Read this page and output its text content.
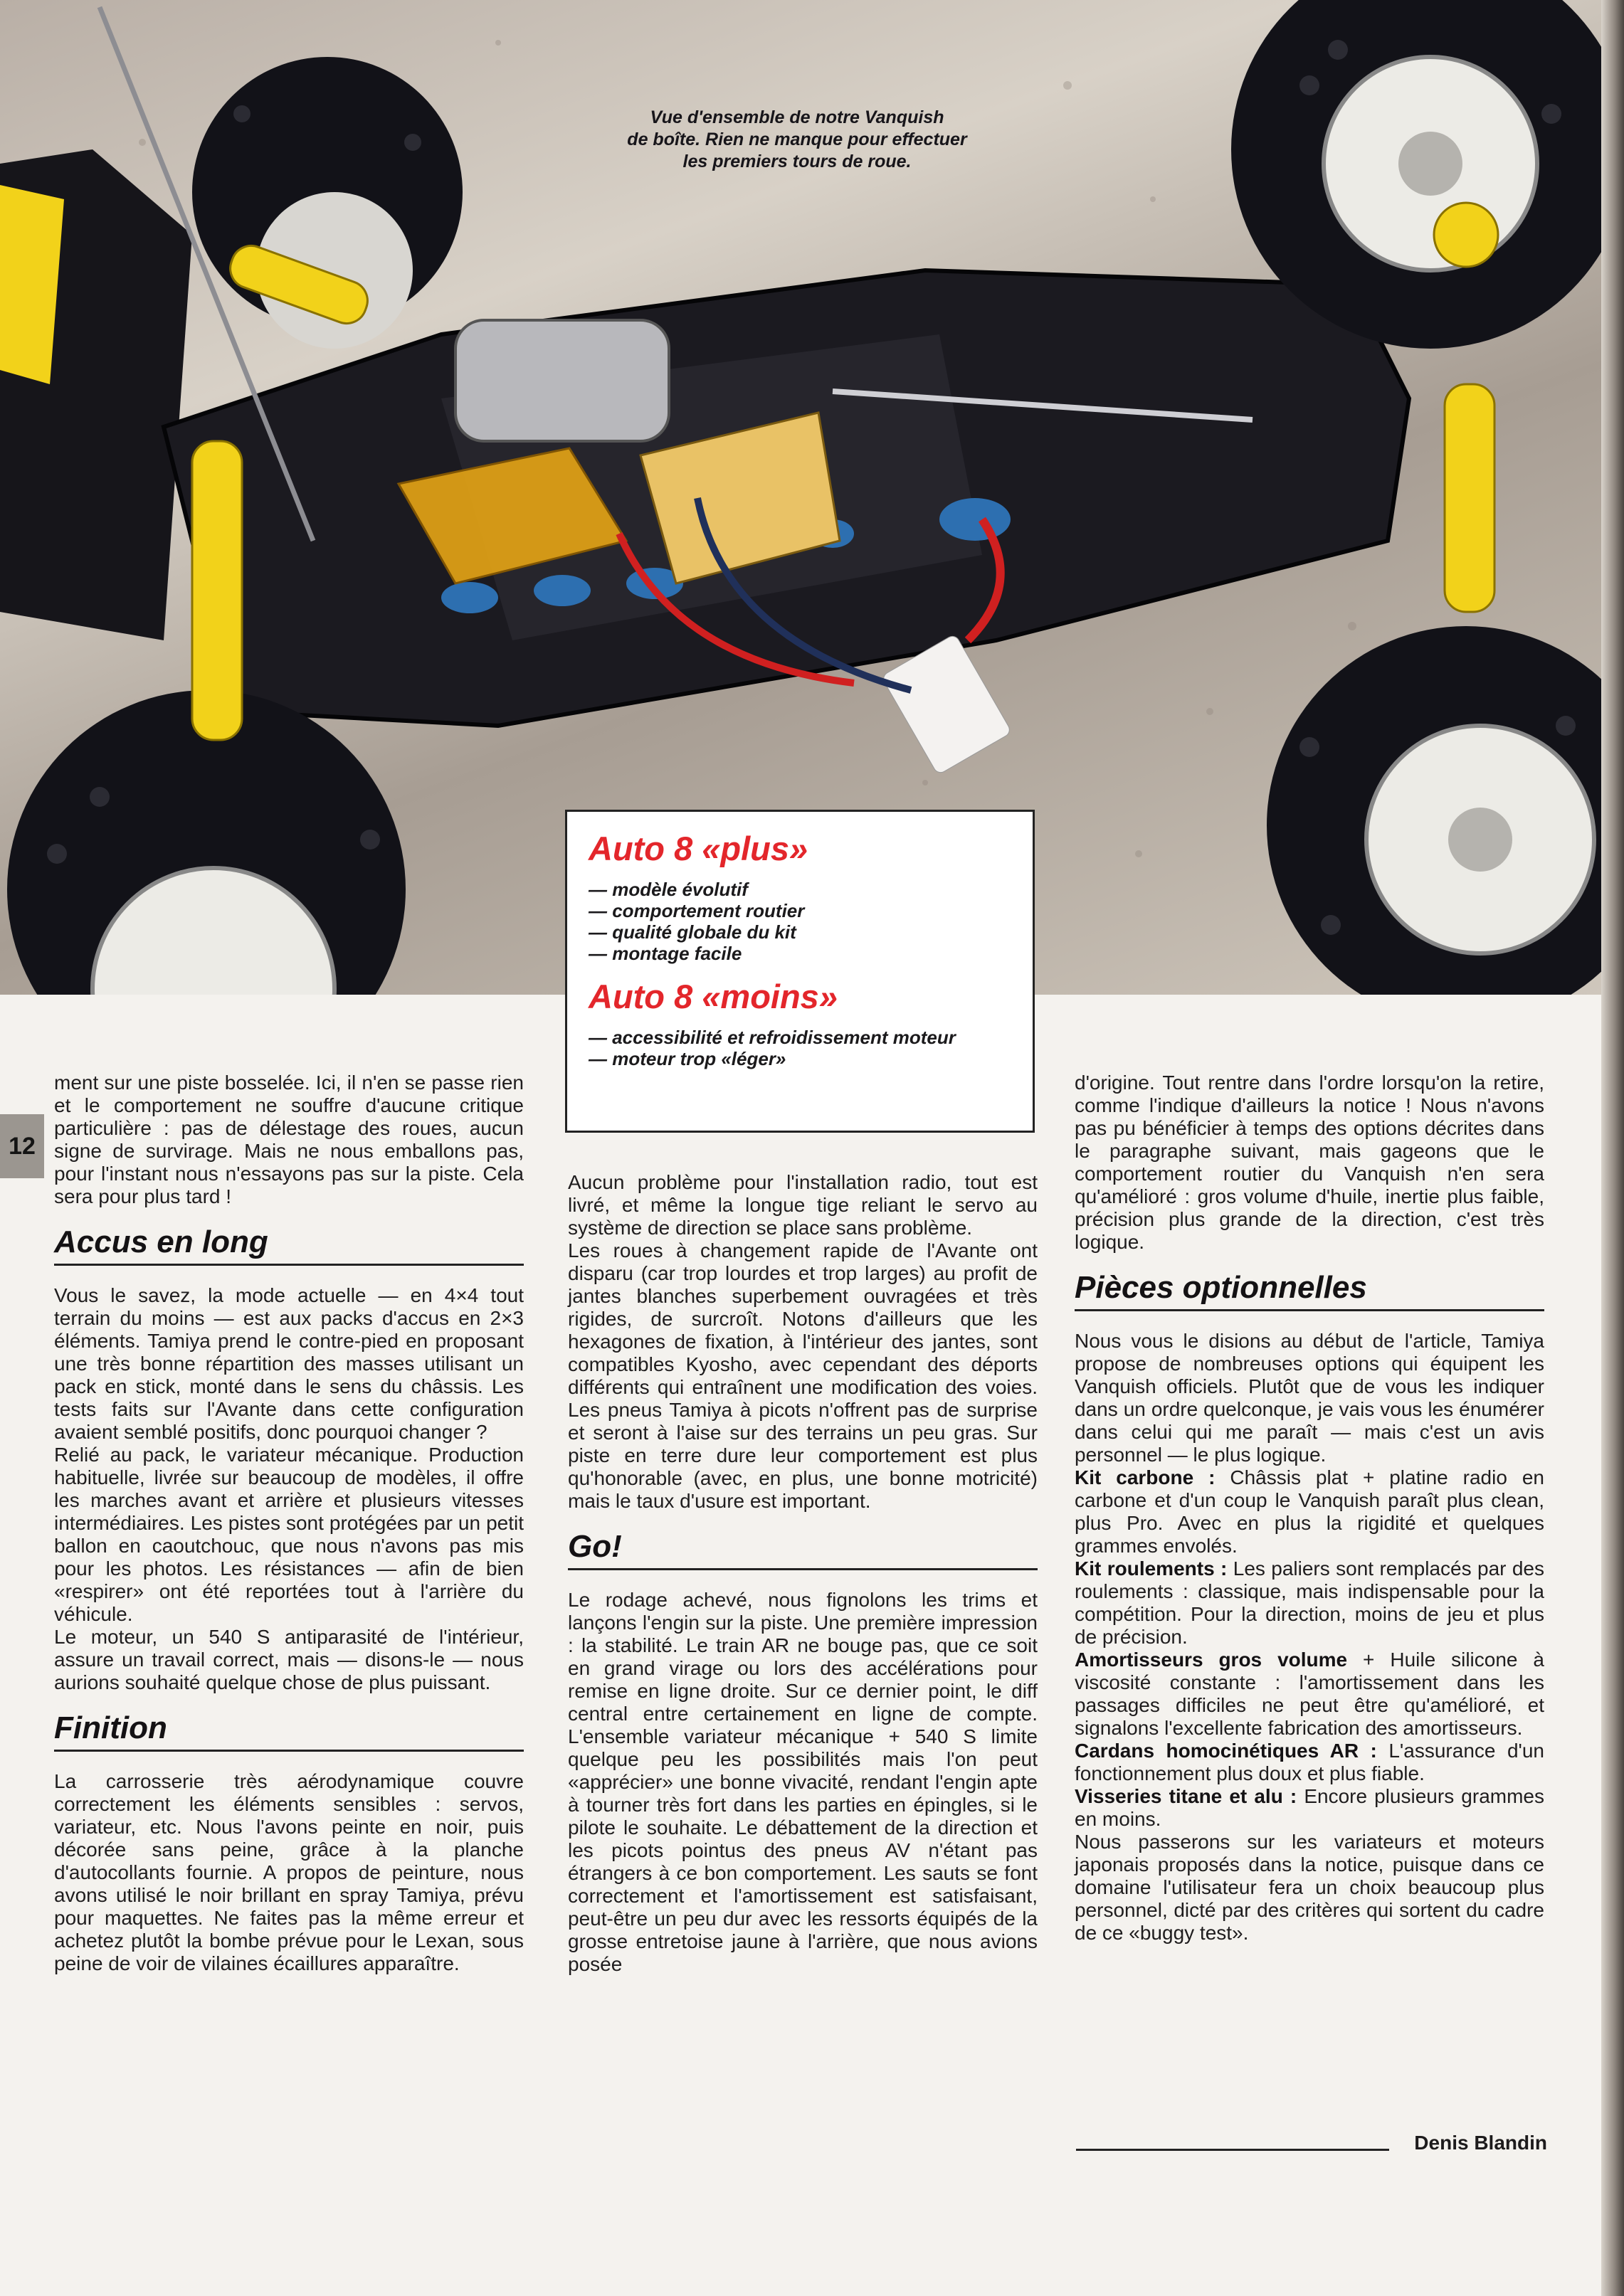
Vue d'ensemble de notre Vanquish
de boîte. Rien ne manque pour effectuer
les premiers tours de roue.
Auto 8 «plus»
— modèle évolutif
— comportement routier
— qualité globale du kit
— montage facile
Auto 8 «moins»
— accessibilité et refroidissement moteur
— moteur trop «léger»
12

ment sur une piste bosselée. Ici, il n'en se passe rien et le comportement ne souffre d'aucune critique particulière : pas de délestage des roues, aucun signe de survirage. Mais ne nous emballons pas, pour l'instant nous n'essayons pas sur la piste. Cela sera pour plus tard !

Accus en long

Vous le savez, la mode actuelle — en 4×4 tout terrain du moins — est aux packs d'accus en 2×3 éléments. Tamiya prend le contre-pied en proposant une très bonne répartition des masses utilisant un pack en stick, monté dans le sens du châssis. Les tests faits sur l'Avante dans cette configuration avaient semblé positifs, donc pourquoi changer ?

Relié au pack, le variateur mécanique. Production habituelle, livrée sur beaucoup de modèles, il offre les marches avant et arrière et plusieurs vitesses intermédiaires. Les pistes sont protégées par un petit ballon en caoutchouc, que nous n'avons pas mis pour les photos. Les résistances — afin de bien «respirer» ont été reportées tout à l'arrière du véhicule.

Le moteur, un 540 S antiparasité de l'intérieur, assure un travail correct, mais — disons-le — nous aurions souhaité quelque chose de plus puissant.

Finition

La carrosserie très aérodynamique couvre correctement les éléments sensibles : servos, variateur, etc. Nous l'avons peinte en noir, puis décorée sans peine, grâce à la planche d'autocollants fournie. A propos de peinture, nous avons utilisé le noir brillant en spray Tamiya, prévu pour maquettes. Ne faites pas la même erreur et achetez plutôt la bombe prévue pour le Lexan, sous peine de voir de vilaines écaillures apparaître.

Aucun problème pour l'installation radio, tout est livré, et même la longue tige reliant le servo au système de direction se place sans problème.

Les roues à changement rapide de l'Avante ont disparu (car trop lourdes et trop larges) au profit de jantes blanches superbement ouvragées et très rigides, de surcroît. Notons d'ailleurs que les hexagones de fixation, à l'intérieur des jantes, sont compatibles Kyosho, avec cependant des déports différents qui entraînent une modification des voies. Les pneus Tamiya à picots n'offrent pas de surprise et seront à l'aise sur des terrains un peu gras. Sur piste en terre dure leur comportement est plus qu'honorable (avec, en plus, une bonne motricité) mais le taux d'usure est important.

Go!

Le rodage achevé, nous fignolons les trims et lançons l'engin sur la piste. Une première impression : la stabilité. Le train AR ne bouge pas, que ce soit en grand virage ou lors des accélérations pour remise en ligne droite. Sur ce dernier point, le diff central entre certainement en ligne de compte. L'ensemble variateur mécanique + 540 S limite quelque peu les possibilités mais l'on peut «apprécier» une bonne vivacité, rendant l'engin apte à tourner très fort dans les parties en épingles, si le pilote le souhaite. Le débattement de la direction et les picots pointus des pneus AV n'étant pas étrangers à ce bon comportement. Les sauts se font correctement et l'amortissement est satisfaisant, peut-être un peu dur avec les ressorts équipés de la grosse entretoise jaune à l'arrière, que nous avions posée

d'origine. Tout rentre dans l'ordre lorsqu'on la retire, comme l'indique d'ailleurs la notice ! Nous n'avons pas pu bénéficier à temps des options décrites dans le paragraphe suivant, mais gageons que le comportement routier du Vanquish n'en sera qu'amélioré : gros volume d'huile, inertie plus faible, précision plus grande de la direction, c'est très logique.

Pièces optionnelles

Nous vous le disions au début de l'article, Tamiya propose de nombreuses options qui équipent les Vanquish officiels. Plutôt que de vous les indiquer dans un ordre quelconque, je vais vous les énumérer dans celui qui me paraît — mais c'est un avis personnel — le plus logique.

Kit carbone : Châssis plat + platine radio en carbone et d'un coup le Vanquish paraît plus clean, plus Pro. Avec en plus la rigidité et quelques grammes envolés.

Kit roulements : Les paliers sont remplacés par des roulements : classique, mais indispensable pour la compétition. Pour la direction, moins de jeu et plus de précision.

Amortisseurs gros volume + Huile silicone à viscosité constante : l'amortissement dans les passages difficiles ne peut être qu'amélioré, et signalons l'excellente fabrication des amortisseurs.

Cardans homocinétiques AR : L'assurance d'un fonctionnement plus doux et plus fiable.

Visseries titane et alu : Encore plusieurs grammes en moins.

Nous passerons sur les variateurs et moteurs japonais proposés dans la notice, puisque dans ce domaine l'utilisateur fera un choix beaucoup plus personnel, dicté par des critères qui sortent du cadre de ce «buggy test».

Denis Blandin
